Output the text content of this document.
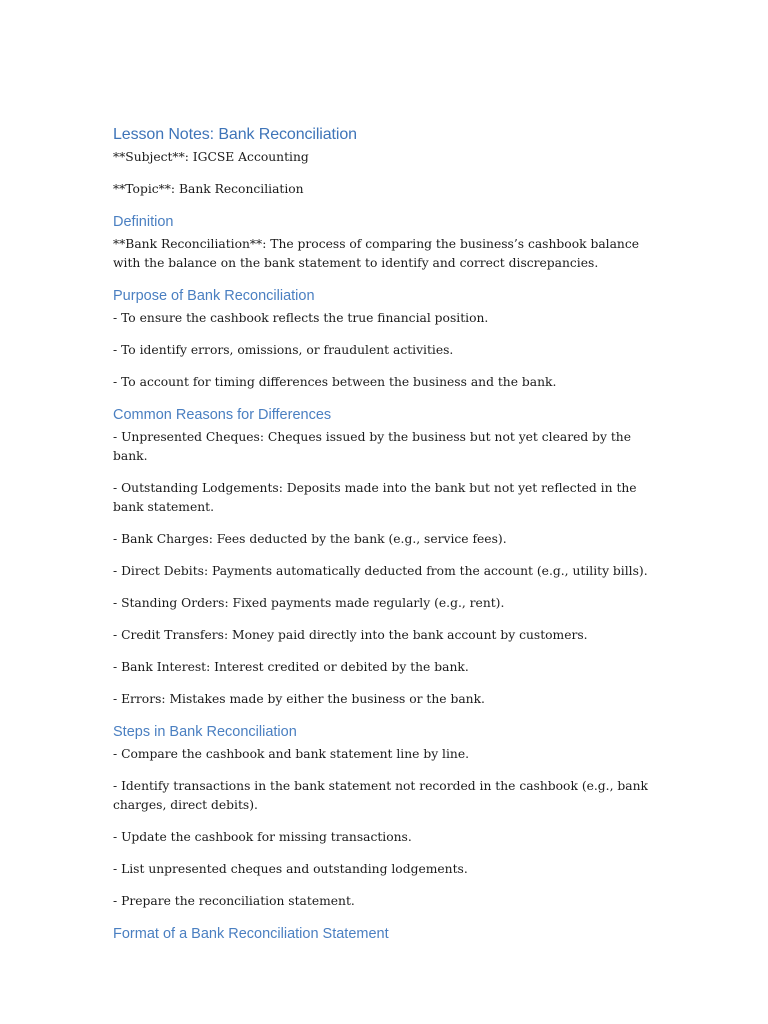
Lesson Notes: Bank Reconciliation

**Subject**: IGCSE Accounting

**Topic**: Bank Reconciliation

Definition

**Bank Reconciliation**: The process of comparing the business’s cashbook balance with the balance on the bank statement to identify and correct discrepancies.

Purpose of Bank Reconciliation

- To ensure the cashbook reflects the true financial position.

- To identify errors, omissions, or fraudulent activities.

- To account for timing differences between the business and the bank.

Common Reasons for Differences

- Unpresented Cheques: Cheques issued by the business but not yet cleared by the bank.

- Outstanding Lodgements: Deposits made into the bank but not yet reflected in the bank statement.

- Bank Charges: Fees deducted by the bank (e.g., service fees).

- Direct Debits: Payments automatically deducted from the account (e.g., utility bills).

- Standing Orders: Fixed payments made regularly (e.g., rent).

- Credit Transfers: Money paid directly into the bank account by customers.

- Bank Interest: Interest credited or debited by the bank.

- Errors: Mistakes made by either the business or the bank.

Steps in Bank Reconciliation

- Compare the cashbook and bank statement line by line.

- Identify transactions in the bank statement not recorded in the cashbook (e.g., bank charges, direct debits).

- Update the cashbook for missing transactions.

- List unpresented cheques and outstanding lodgements.

- Prepare the reconciliation statement.

Format of a Bank Reconciliation Statement
